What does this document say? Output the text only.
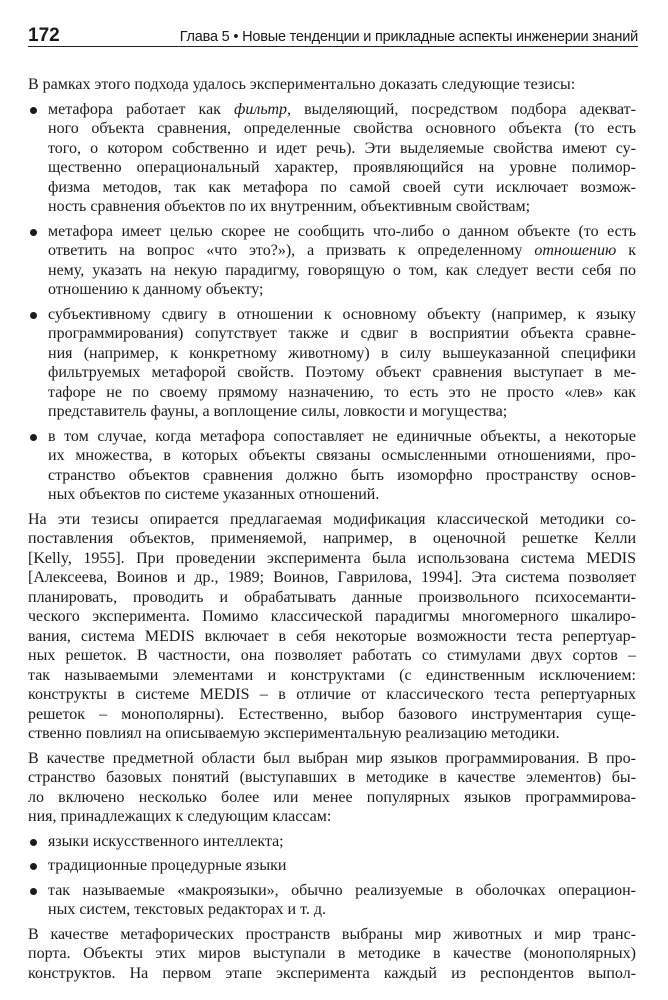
172	Глава 5 • Новые тенденции и прикладные аспекты инженерии знаний
В рамках этого подхода удалось экспериментально доказать следующие тезисы:
метафора работает как фильтр, выделяющий, посредством подбора адекват-
ного объекта сравнения, определенные свойства основного объекта (то есть
того, о котором собственно и идет речь). Эти выделяемые свойства имеют су-
щественно операциональный характер, проявляющийся на уровне полимор-
физма методов, так как метафора по самой своей сути исключает возмож-
ность сравнения объектов по их внутренним, объективным свойствам;
метафора имеет целью скорее не сообщить что-либо о данном объекте (то есть
ответить на вопрос «что это?»), а призвать к определенному отношению к
нему, указать на некую парадигму, говорящую о том, как следует вести себя по
отношению к данному объекту;
субъективному сдвигу в отношении к основному объекту (например, к языку
программирования) сопутствует также и сдвиг в восприятии объекта сравне-
ния (например, к конкретному животному) в силу вышеуказанной специфики
фильтруемых метафорой свойств. Поэтому объект сравнения выступает в ме-
тафоре не по своему прямому назначению, то есть это не просто «лев» как
представитель фауны, а воплощение силы, ловкости и могущества;
в том случае, когда метафора сопоставляет не единичные объекты, а некоторые
их множества, в которых объекты связаны осмысленными отношениями, про-
странство объектов сравнения должно быть изоморфно пространству основ-
ных объектов по системе указанных отношений.
На эти тезисы опирается предлагаемая модификация классической методики со-
поставления объектов, применяемой, например, в оценочной решетке Келли
[Kelly, 1955]. При проведении эксперимента была использована система MEDIS
[Алексеева, Воинов и др., 1989; Воинов, Гаврилова, 1994]. Эта система позволяет
планировать, проводить и обрабатывать данные произвольного психосеманти-
ческого эксперимента. Помимо классической парадигмы многомерного шкалиро-
вания, система MEDIS включает в себя некоторые возможности теста репертуар-
ных решеток. В частности, она позволяет работать со стимулами двух сортов –
так называемыми элементами и конструктами (с единственным исключением:
конструкты в системе MEDIS – в отличие от классического теста репертуарных
решеток – монополярны). Естественно, выбор базового инструментария суще-
ственно повлиял на описываемую экспериментальную реализацию методики.
В качестве предметной области был выбран мир языков программирования. В про-
странство базовых понятий (выступавших в методике в качестве элементов) бы-
ло включено несколько более или менее популярных языков программирова-
ния, принадлежащих к следующим классам:
языки искусственного интеллекта;
традиционные процедурные языки
так называемые «макроязыки», обычно реализуемые в оболочках операцион-
ных систем, текстовых редакторах и т. д.
В качестве метафорических пространств выбраны мир животных и мир транс-
порта. Объекты этих миров выступали в методике в качестве (монополярных)
конструктов. На первом этапе эксперимента каждый из респондентов выпол-
